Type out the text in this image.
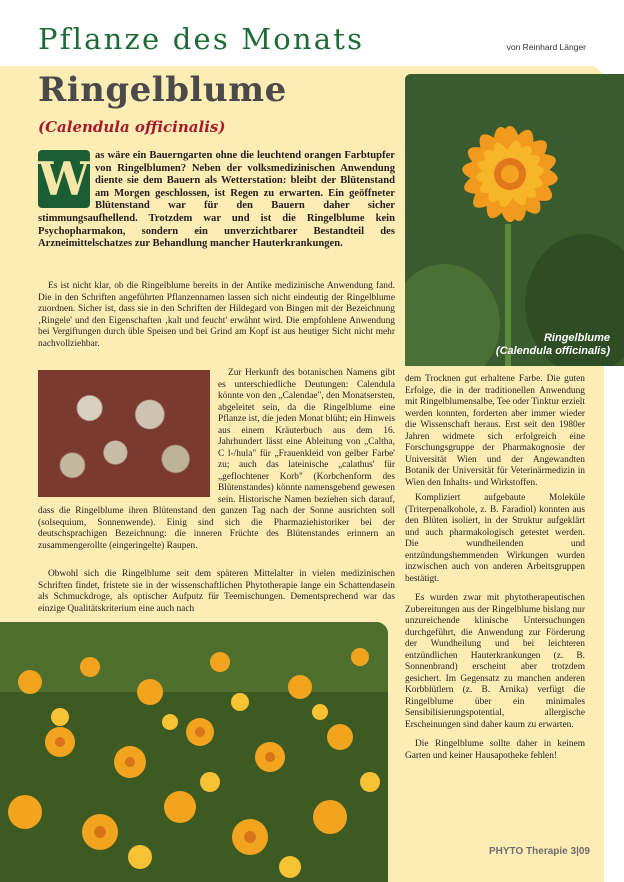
Pflanze des Monats	von Reinhard Länger
Ringelblume
(Calendula officinalis)
W as wäre ein Bauerngarten ohne die leuchtend orangen Farbtupfer von Ringelblumen? Neben der volksmedizinischen Anwendung diente sie dem Bauern als Wetterstation: bleibt der Blütenstand am Morgen geschlossen, ist Regen zu erwarten. Ein geöffneter Blütenstand war für den Bauern daher sicher stimmungsaufhellend. Trotzdem war und ist die Ringelblume kein Psychopharmakon, sondern ein unverzichtbarer Bestandteil des Arzneimittelschatzes zur Behandlung mancher Hauterkrankungen.

Es ist nicht klar, ob die Ringelblume bereits in der Antike medizinische Anwendung fand. Die in den Schriften angeführten Pflanzennamen lassen sich nicht eindeutig der Ringelblume zuordnen. Sicher ist, dass sie in den Schriften der Hildegard von Bingen mit der Bezeichnung ‚Ringele' und den Eigenschaften ‚kalt und feucht' erwähnt wird. Die empfohlene Anwendung bei Vergiftungen durch üble Speisen und bei Grind am Kopf ist aus heutiger Sicht nicht mehr nachvollziehbar.

Zur Herkunft des botanischen Namens gibt es unterschiedliche Deutungen: Calendula könnte von den „Calendae", den Monatsersten, abgeleitet sein, da die Ringelblume eine Pflanze ist, die jeden Monat blüht; ein Hinweis aus einem Kräuterbuch aus dem 16. Jahrhundert lässt eine Ableitung von „Caltha, C l-/hula" für „Frauenkleid von gelber Farbe' zu; auch das lateinische „calathus' für „geflochtener Korb" (Korbchenform des Blütenstandes) könnte namensgebend gewesen sein. Historische Namen beziehen sich darauf, dass die Ringelblume ihren Blütenstand den ganzen Tag nach der Sonne ausrichten soll (solsequium, Sonnenwende). Einig sind sich die Pharmaziehistoriker bei der deutschsprachigen Bezeichnung: die inneren Früchte des Blütenstandes erinnern an zusammengerollte (eingeringelte) Raupen.

Obwohl sich die Ringelblume seit dem späteren Mittelalter in vielen medizinischen Schriften findet, fristete sie in der wissenschaftlichen Phytotherapie lange ein Schattendasein als Schmuckdroge, als optischer Aufputz für Teemischungen. Dementsprechend war das einzige Qualitätskriterium eine auch nach

Ringelblume
(Calendula officinalis)

dem Trocknen gut erhaltene Farbe. Die guten Erfolge, die in der traditionellen Anwendung mit Ringelblumensalbe, Tee oder Tinktur erzielt werden konnten, forderten aber immer wieder die Wissenschaft heraus. Erst seit den 1980er Jahren widmete sich erfolgreich eine Forschungsgruppe der Pharmakognosie der Universität Wien und der Angewandten Botanik der Universität für Veterinärmedizin in Wien den Inhalts- und Wirkstoffen.

Kompliziert aufgebaute Moleküle (Triterpenalkohole, z. B. Faradiol) konnten aus den Blüten isoliert, in der Struktur aufgeklärt und auch pharmakologisch getestet werden. Die wundheilenden und entzündungshemmenden Wirkungen wurden inzwischen auch von anderen Arbeitsgruppen bestätigt.

Es wurden zwar mit phytotherapeutischen Zubereitungen aus der Ringelblume bislang nur unzureichende klinische Untersuchungen durchgeführt, die Anwendung zur Förderung der Wundheilung und bei leichteren entzündlichen Hauterkrankungen (z. B. Sonnenbrand) erscheint aber trotzdem gesichert. Im Gegensatz zu manchen anderen Korbblütlern (z. B. Arnika) verfügt die Ringelblume über ein minimales Sensibilisierungspotential, allergische Erscheinungen sind daher kaum zu erwarten.

Die Ringelblume sollte daher in keinem Garten und keiner Hausapotheke fehlen!

PHYTO Therapie 3|09
